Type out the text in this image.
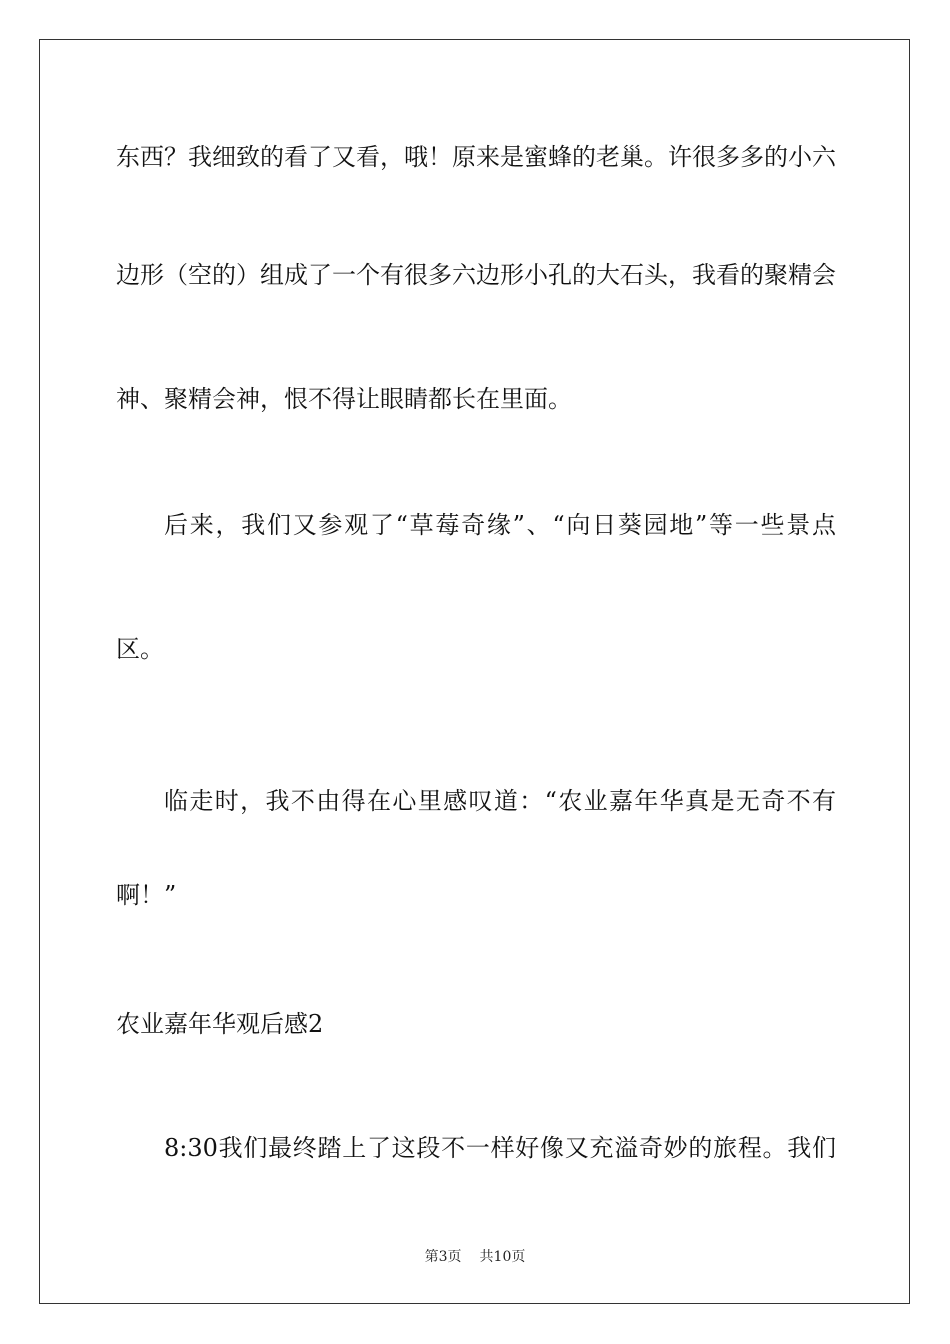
东西？我细致的看了又看，哦！原来是蜜蜂的老巢。许很多多的小六
边形（空的）组成了一个有很多六边形小孔的大石头，我看的聚精会
神、聚精会神，恨不得让眼睛都长在里面。
后来，我们又参观了“草莓奇缘”、“向日葵园地”等一些景点
区。
临走时，我不由得在心里感叹道：“农业嘉年华真是无奇不有
啊！”
农业嘉年华观后感2
8:30我们最终踏上了这段不一样好像又充溢奇妙的旅程。我们
第3页 共10页
